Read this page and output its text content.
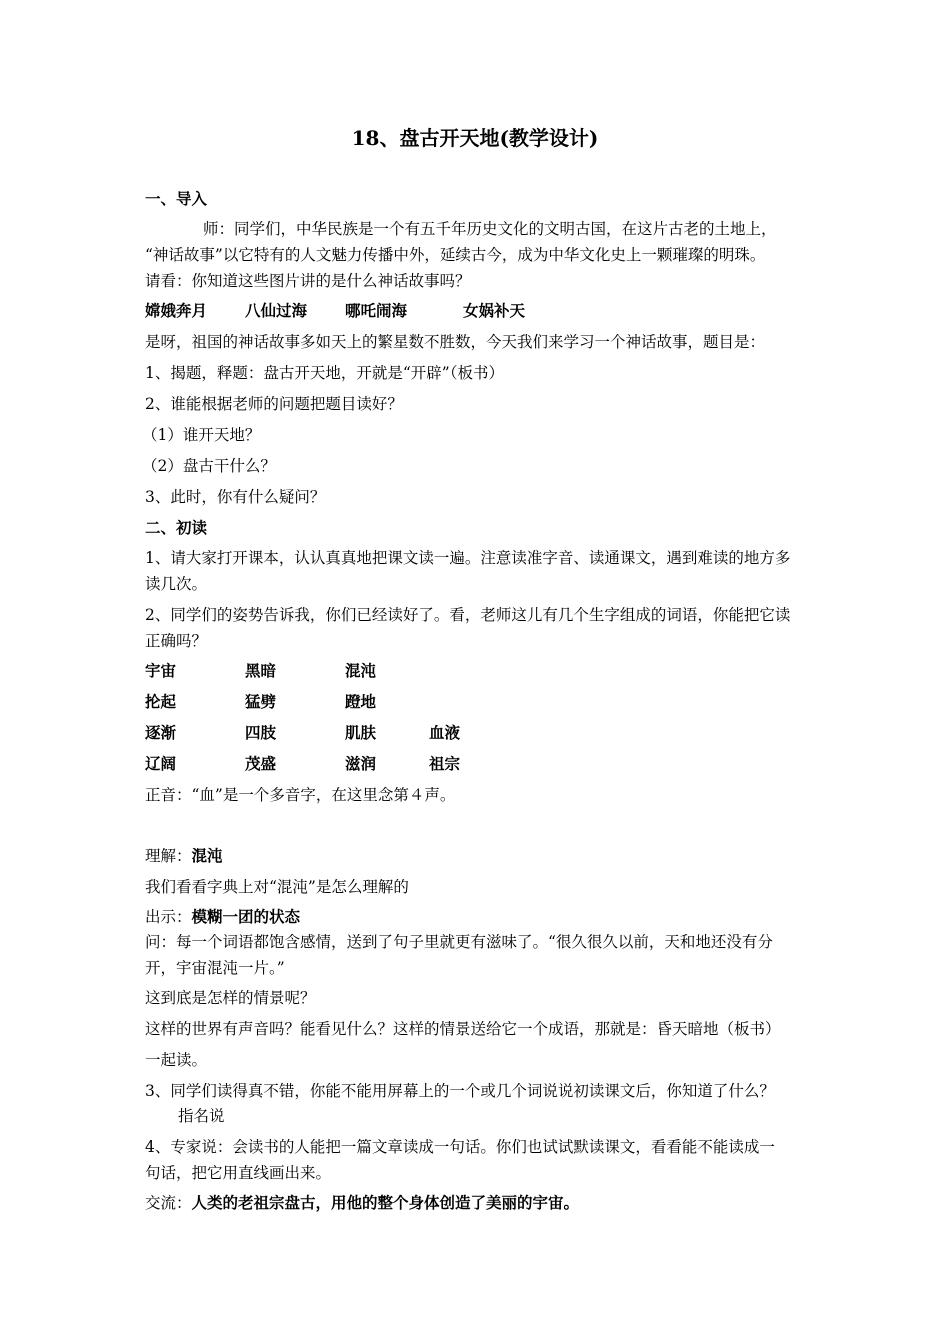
18、盘古开天地(教学设计)
一、导入
师：同学们，中华民族是一个有五千年历史文化的文明古国，在这片古老的土地上，
“神话故事”以它特有的人文魅力传播中外，延续古今，成为中华文化史上一颗璀璨的明珠。
请看：你知道这些图片讲的是什么神话故事吗？
嫦娥奔月 八仙过海 哪吒闹海	女娲补天
是呀，祖国的神话故事多如天上的繁星数不胜数，今天我们来学习一个神话故事，题目是：
1、揭题，释题：盘古开天地，开就是“开辟”（板书）
2、谁能根据老师的问题把题目读好？
（1）谁开天地？
（2）盘古干什么？
3、此时，你有什么疑问？
二、初读
1、请大家打开课本，认认真真地把课文读一遍。注意读准字音、读通课文，遇到难读的地方多
读几次。
2、同学们的姿势告诉我，你们已经读好了。看，老师这儿有几个生字组成的词语，你能把它读
正确吗？
宇宙	黑暗	混沌
抡起	猛劈	蹬地
逐渐	四肢	肌肤	血液
辽阔	茂盛	滋润	祖宗
正音：“血”是一个多音字，在这里念第４声。
理解：混沌
我们看看字典上对“混沌”是怎么理解的
出示：模糊一团的状态
问：每一个词语都饱含感情，送到了句子里就更有滋味了。“很久很久以前，天和地还没有分
开，宇宙混沌一片。”
这到底是怎样的情景呢？
这样的世界有声音吗？能看见什么？这样的情景送给它一个成语，那就是：昏天暗地（板书）
一起读。
3、同学们读得真不错，你能不能用屏幕上的一个或几个词说说初读课文后，你知道了什么？
指名说
4、专家说：会读书的人能把一篇文章读成一句话。你们也试试默读课文，看看能不能读成一
句话，把它用直线画出来。
交流：人类的老祖宗盘古，用他的整个身体创造了美丽的宇宙。
